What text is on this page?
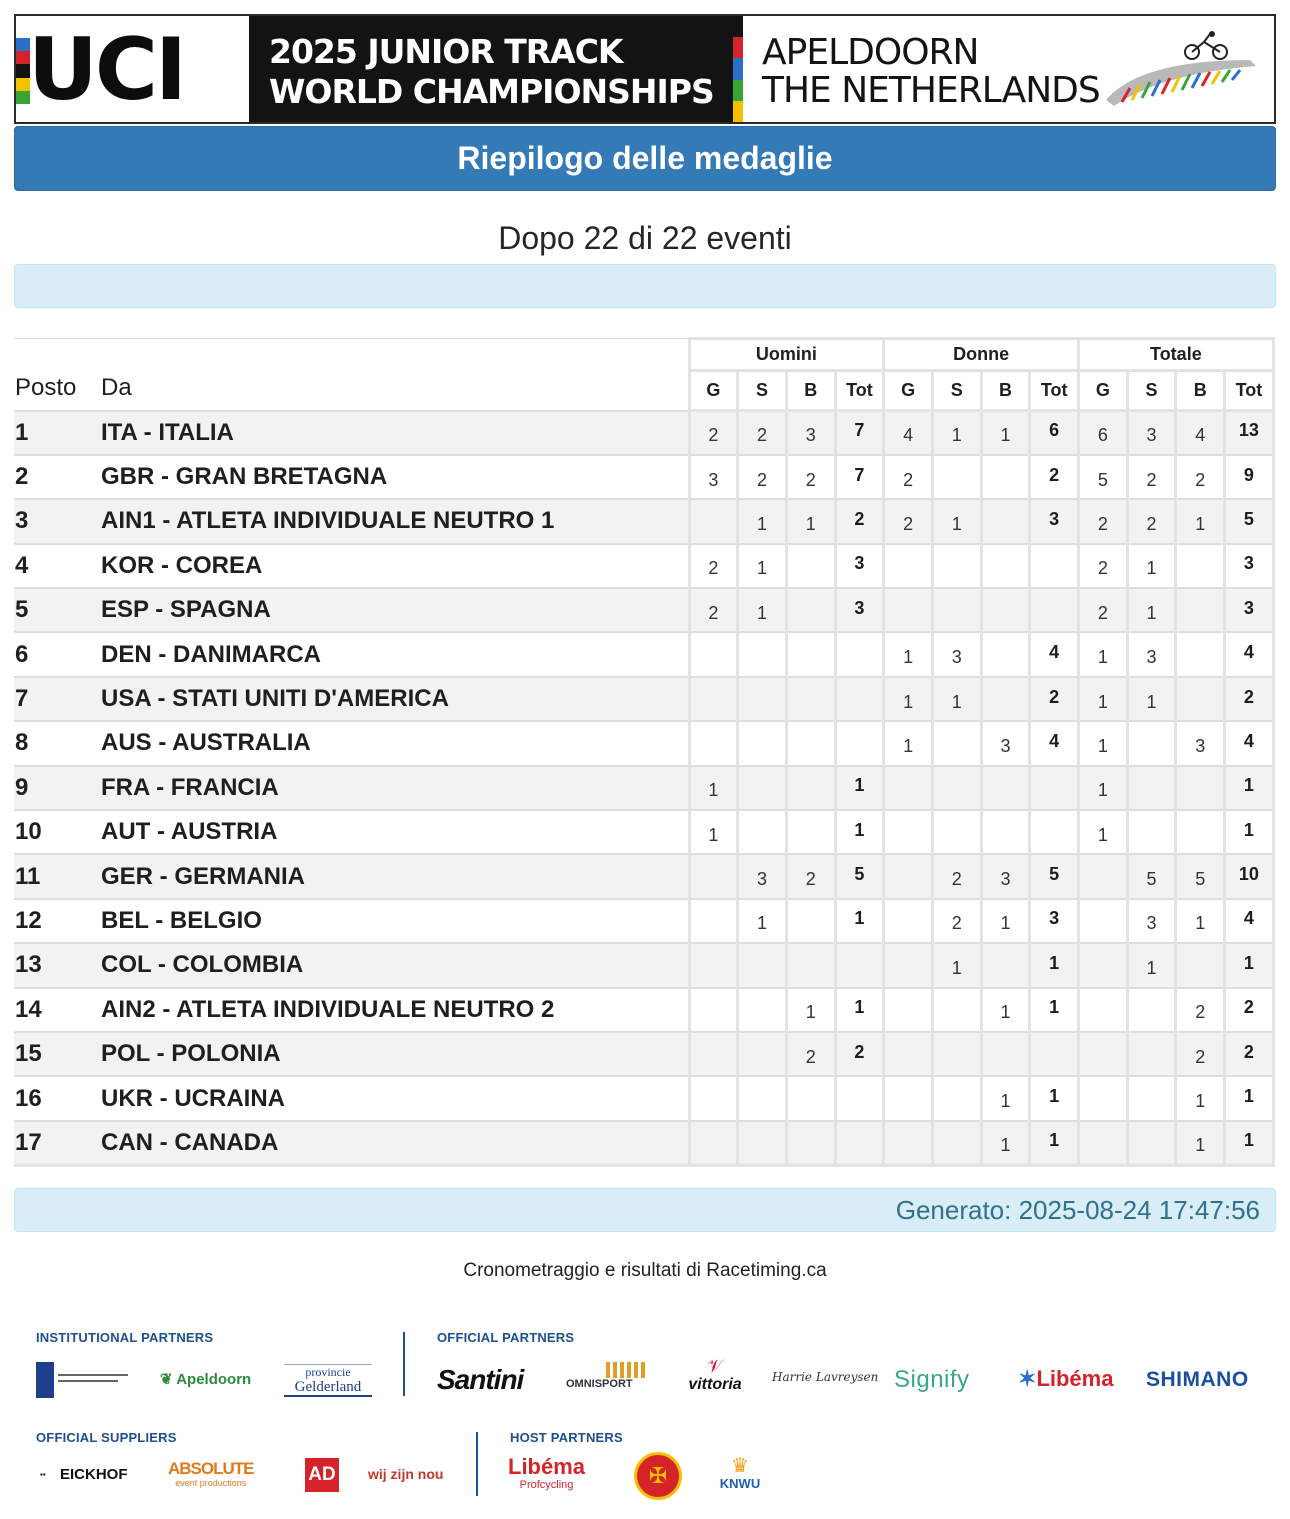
UCI	2025 JUNIOR TRACK
WORLD CHAMPIONSHIPS
APELDOORN
THE NETHERLANDS
Riepilogo delle medaglie
Dopo 22 di 22 eventi
Posto	Da	Uomini				Donne				Totale			
		G	S	B	Tot	G	S	B	Tot	G	S	B	Tot
1	ITA - ITALIA	2	2	3	7	4	1	1	6	6	3	4	13
2	GBR - GRAN BRETAGNA	3	2	2	7	2			2	5	2	2	9
3	AIN1 - ATLETA INDIVIDUALE NEUTRO 1		1	1	2	2	1		3	2	2	1	5
4	KOR - COREA	2	1		3					2	1		3
5	ESP - SPAGNA	2	1		3					2	1		3
6	DEN - DANIMARCA					1	3		4	1	3		4
7	USA - STATI UNITI D'AMERICA					1	1		2	1	1		2
8	AUS - AUSTRALIA					1		3	4	1		3	4
9	FRA - FRANCIA	1			1					1			1
10	AUT - AUSTRIA	1			1					1			1
11	GER - GERMANIA		3	2	5		2	3	5		5	5	10
12	BEL - BELGIO		1		1		2	1	3		3	1	4
13	COL - COLOMBIA						1		1		1		1
14	AIN2 - ATLETA INDIVIDUALE NEUTRO 2			1	1			1	1			2	2
15	POL - POLONIA			2	2							2	2
16	UKR - UCRAINA							1	1			1	1
17	CAN - CANADA							1	1			1	1
Generato: 2025-08-24 17:47:56
Cronometraggio e risultati di Racetiming.ca
INSTITUTIONAL PARTNERS	OFFICIAL PARTNERS
❦ Apeldoorn	provincie
Gelderland	Santini	OMNISPORT
𝒱
vittoria	Harrie Lavreysen Signify ✶Libéma SHIMANO
OFFICIAL SUPPLIERS	HOST PARTNERS
▪▪ EICKHOF ABSOLUTE
event productions	AD wij zijn nou	Libéma
Profcycling	✠	♛
KNWU
